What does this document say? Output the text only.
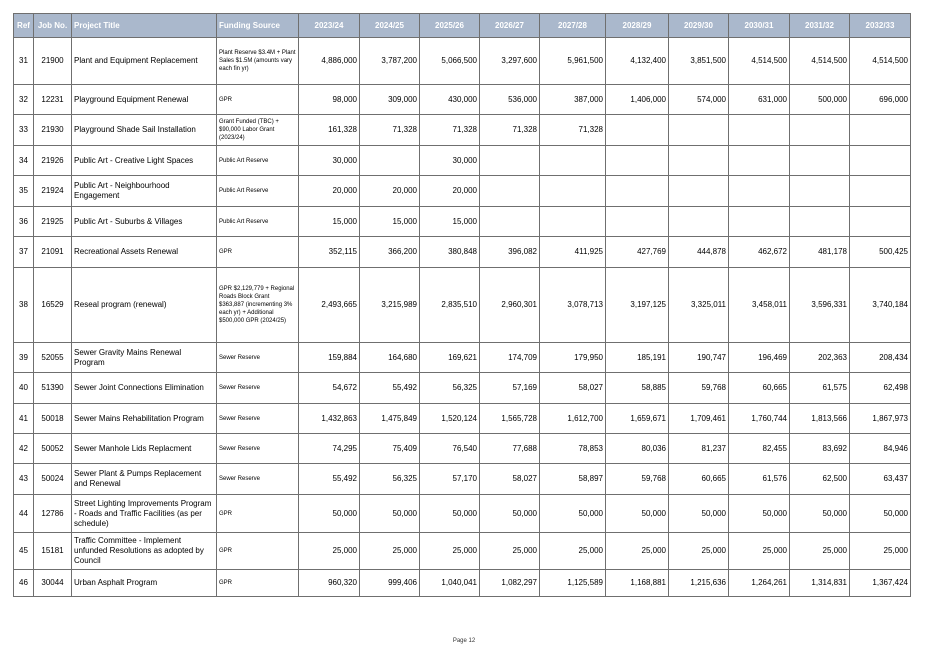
Ref	Job No.	Project Title	Funding Source	2023/24	2024/25	2025/26	2026/27	2027/28	2028/29	2029/30	2030/31	2031/32	2032/33
31	21900	Plant and Equipment Replacement	Plant Reserve $3.4M + Plant Sales $1.5M (amounts vary each fin yr)	4,886,000	3,787,200	5,066,500	3,297,600	5,961,500	4,132,400	3,851,500	4,514,500	4,514,500	4,514,500
32	12231	Playground Equipment Renewal	GPR	98,000	309,000	430,000	536,000	387,000	1,406,000	574,000	631,000	500,000	696,000
33	21930	Playground Shade Sail Installation	Grant Funded (TBC) + $90,000 Labor Grant (2023/24)	161,328	71,328	71,328	71,328	71,328					
34	21926	Public Art - Creative Light Spaces	Public Art Reserve	30,000		30,000							
35	21924	Public Art - Neighbourhood Engagement	Public Art Reserve	20,000	20,000	20,000							
36	21925	Public Art - Suburbs & Villages	Public Art Reserve	15,000	15,000	15,000							
37	21091	Recreational Assets Renewal	GPR	352,115	366,200	380,848	396,082	411,925	427,769	444,878	462,672	481,178	500,425
38	16529	Reseal program (renewal)	GPR $2,129,779 + Regional Roads Block Grant $363,887 (incrementing 3% each yr) + Additional $500,000 GPR (2024/25)	2,493,665	3,215,989	2,835,510	2,960,301	3,078,713	3,197,125	3,325,011	3,458,011	3,596,331	3,740,184
39	52055	Sewer Gravity Mains Renewal Program	Sewer Reserve	159,884	164,680	169,621	174,709	179,950	185,191	190,747	196,469	202,363	208,434
40	51390	Sewer Joint Connections Elimination	Sewer Reserve	54,672	55,492	56,325	57,169	58,027	58,885	59,768	60,665	61,575	62,498
41	50018	Sewer Mains Rehabilitation Program	Sewer Reserve	1,432,863	1,475,849	1,520,124	1,565,728	1,612,700	1,659,671	1,709,461	1,760,744	1,813,566	1,867,973
42	50052	Sewer Manhole Lids Replacment	Sewer Reserve	74,295	75,409	76,540	77,688	78,853	80,036	81,237	82,455	83,692	84,946
43	50024	Sewer Plant & Pumps Replacement and Renewal	Sewer Reserve	55,492	56,325	57,170	58,027	58,897	59,768	60,665	61,576	62,500	63,437
44	12786	Street Lighting Improvements Program - Roads and Traffic Facilities (as per schedule)	GPR	50,000	50,000	50,000	50,000	50,000	50,000	50,000	50,000	50,000	50,000
45	15181	Traffic Committee - Implement unfunded Resolutions as adopted by Council	GPR	25,000	25,000	25,000	25,000	25,000	25,000	25,000	25,000	25,000	25,000
46	30044	Urban Asphalt Program	GPR	960,320	999,406	1,040,041	1,082,297	1,125,589	1,168,881	1,215,636	1,264,261	1,314,831	1,367,424
Page 12
